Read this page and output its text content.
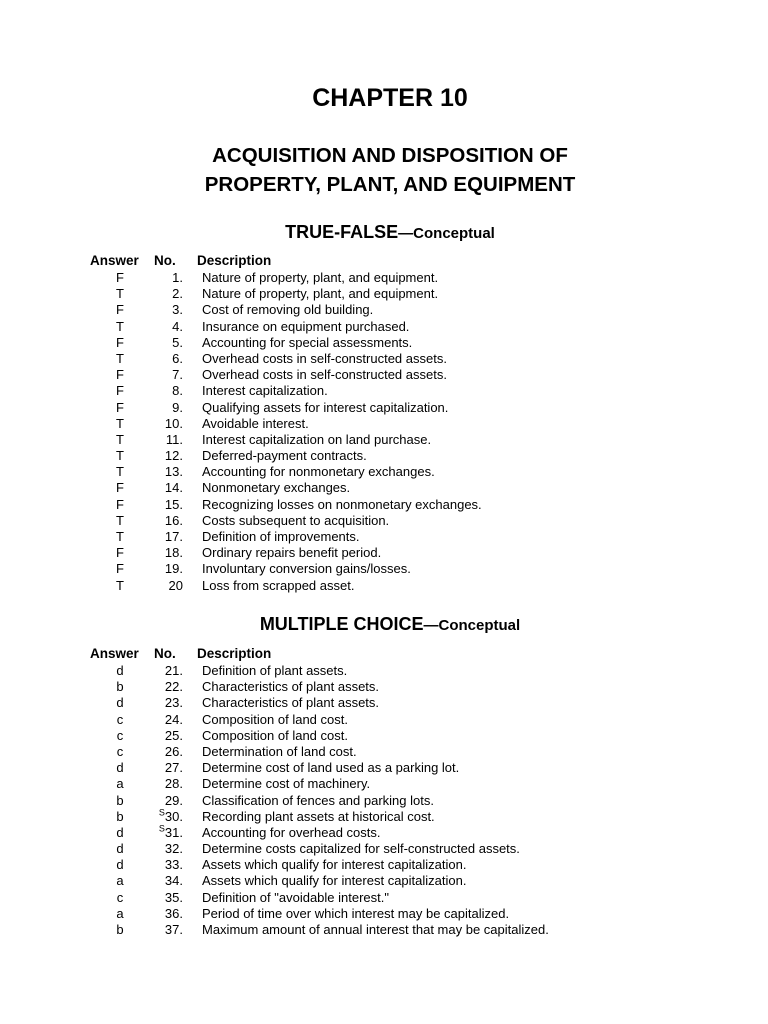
CHAPTER 10
ACQUISITION AND DISPOSITION OF
PROPERTY, PLANT, AND EQUIPMENT
TRUE-FALSE—Conceptual
Answer	No.	Description
F	1.	Nature of property, plant, and equipment.
T	2.	Nature of property, plant, and equipment.
F	3.	Cost of removing old building.
T	4.	Insurance on equipment purchased.
F	5.	Accounting for special assessments.
T	6.	Overhead costs in self-constructed assets.
F	7.	Overhead costs in self-constructed assets.
F	8.	Interest capitalization.
F	9.	Qualifying assets for interest capitalization.
T	10.	Avoidable interest.
T	11.	Interest capitalization on land purchase.
T	12.	Deferred-payment contracts.
T	13.	Accounting for nonmonetary exchanges.
F	14.	Nonmonetary exchanges.
F	15.	Recognizing losses on nonmonetary exchanges.
T	16.	Costs subsequent to acquisition.
T	17.	Definition of improvements.
F	18.	Ordinary repairs benefit period.
F	19.	Involuntary conversion gains/losses.
T	20	Loss from scrapped asset.
MULTIPLE CHOICE—Conceptual
Answer	No.	Description
d	21.	Definition of plant assets.
b	22.	Characteristics of plant assets.
d	23.	Characteristics of plant assets.
c	24.	Composition of land cost.
c	25.	Composition of land cost.
c	26.	Determination of land cost.
d	27.	Determine cost of land used as a parking lot.
a	28.	Determine cost of machinery.
b	29.	Classification of fences and parking lots.
b	$^S$30.	Recording plant assets at historical cost.
d	$^S$31.	Accounting for overhead costs.
d	32.	Determine costs capitalized for self-constructed assets.
d	33.	Assets which qualify for interest capitalization.
a	34.	Assets which qualify for interest capitalization.
c	35.	Definition of "avoidable interest."
a	36.	Period of time over which interest may be capitalized.
b	37.	Maximum amount of annual interest that may be capitalized.
